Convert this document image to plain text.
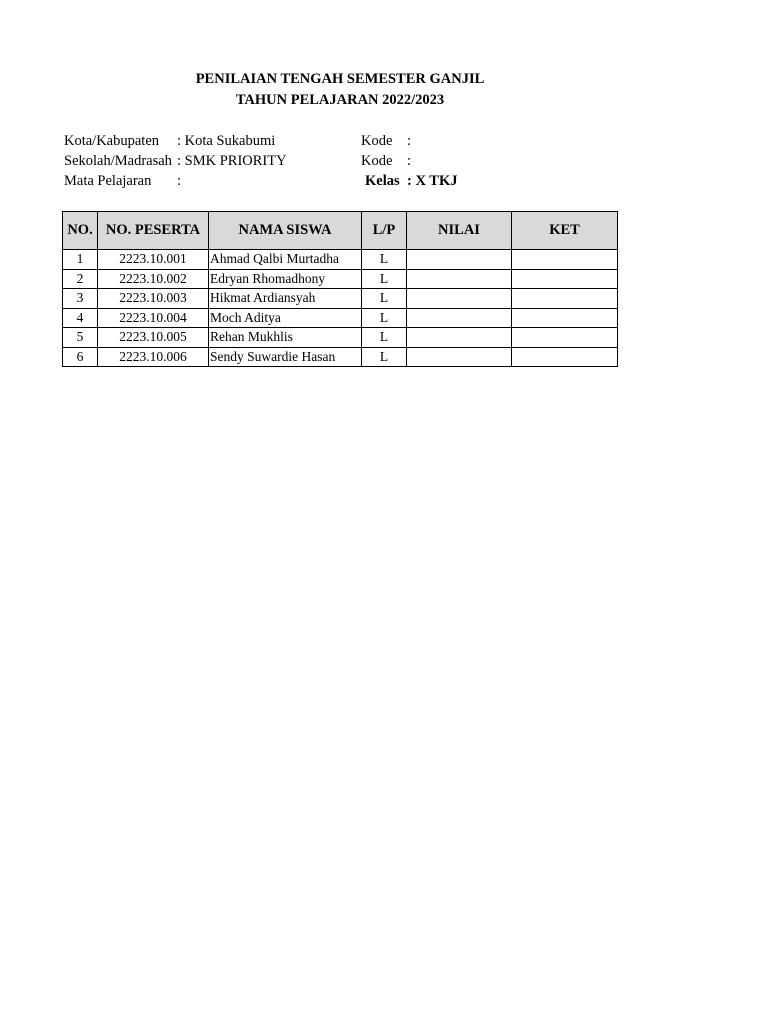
PENILAIAN TENGAH SEMESTER GANJIL
TAHUN PELAJARAN 2022/2023
Kota/Kabupaten : Kota Sukabumi
Sekolah/Madrasah : SMK PRIORITY
Mata Pelajaran :
Kode :
Kode :
Kelas : X TKJ
NO.	NO. PESERTA	NAMA SISWA	L/P	NILAI	KET
1	2223.10.001	Ahmad Qalbi Murtadha	L		
2	2223.10.002	Edryan Rhomadhony	L		
3	2223.10.003	Hikmat Ardiansyah	L		
4	2223.10.004	Moch Aditya	L		
5	2223.10.005	Rehan Mukhlis	L		
6	2223.10.006	Sendy Suwardie Hasan	L		
